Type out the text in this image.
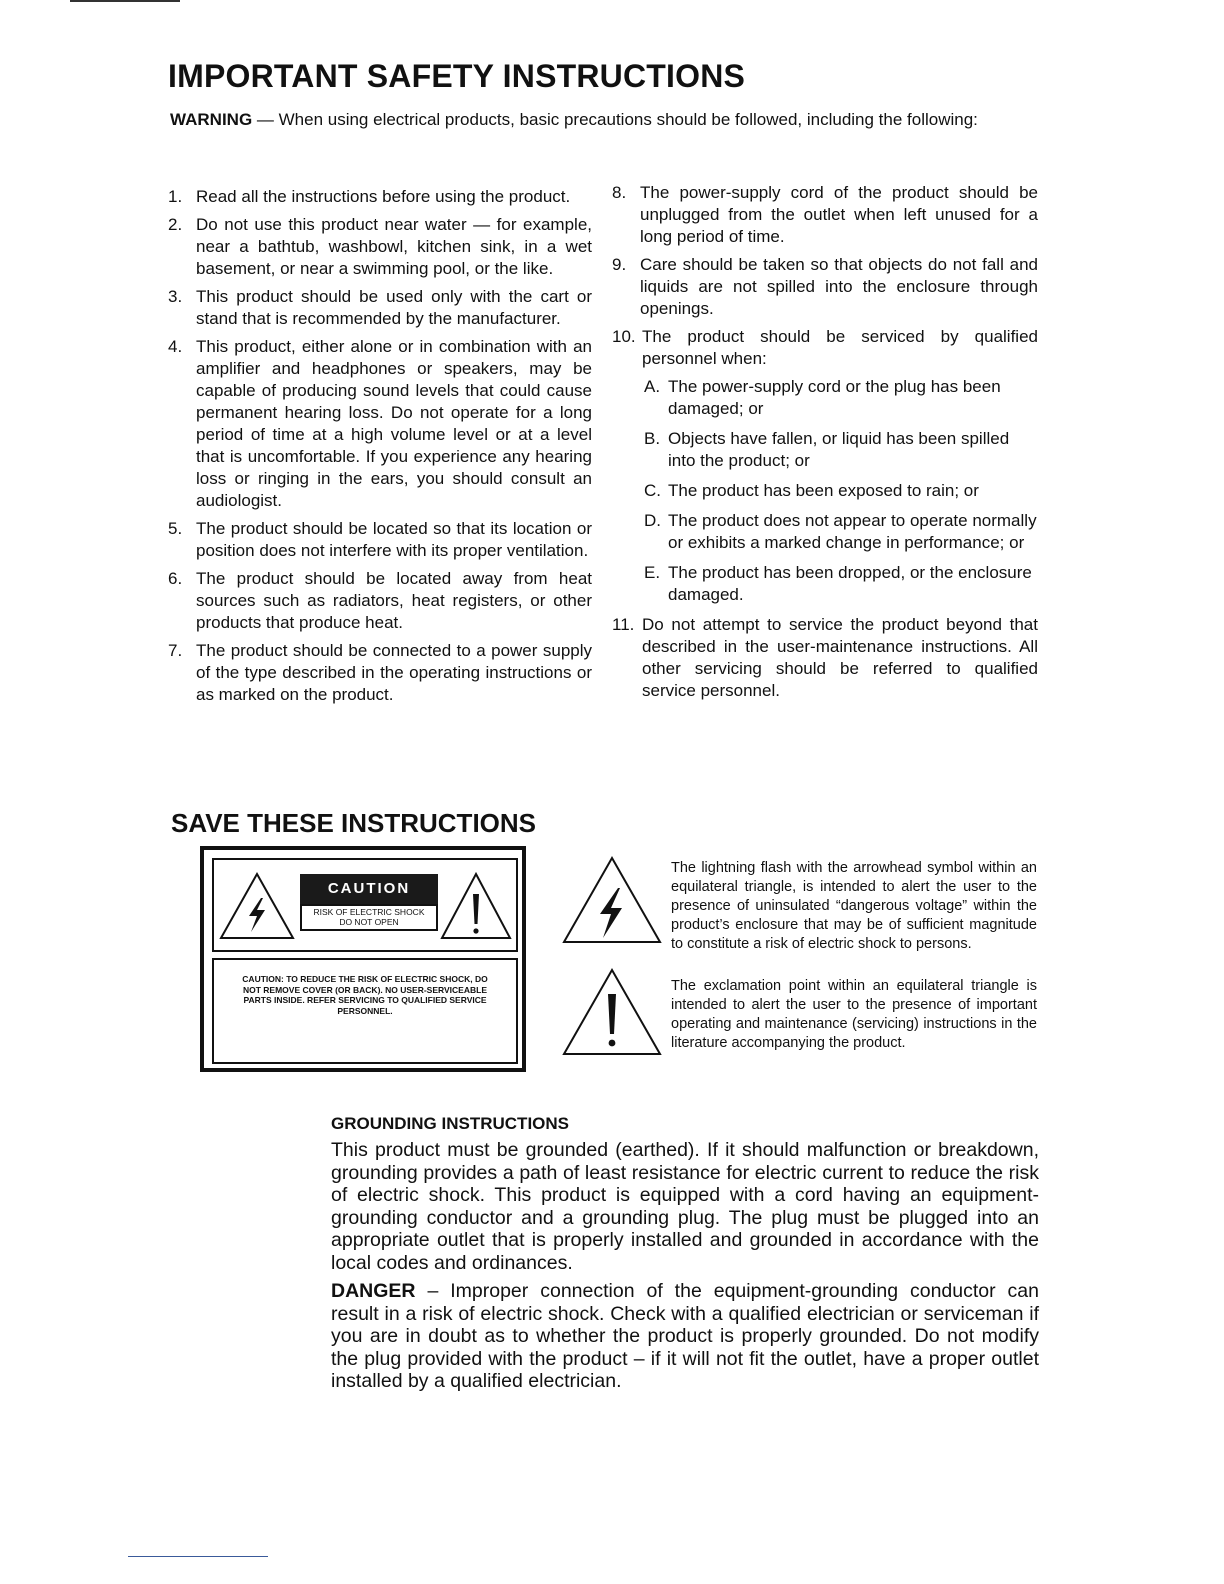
IMPORTANT SAFETY INSTRUCTIONS

WARNING — When using electrical products, basic precautions should be followed, including the following:

1. Read all the instructions before using the product.
2. Do not use this product near water — for example, near a bathtub, washbowl, kitchen sink, in a wet basement, or near a swimming pool, or the like.
3. This product should be used only with the cart or stand that is recommended by the manufacturer.
4. This product, either alone or in combination with an amplifier and headphones or speakers, may be capable of producing sound levels that could cause permanent hearing loss. Do not operate for a long period of time at a high volume level or at a level that is uncomfortable. If you experience any hearing loss or ringing in the ears, you should consult an audiologist.
5. The product should be located so that its location or position does not interfere with its proper ventilation.
6. The product should be located away from heat sources such as radiators, heat registers, or other products that produce heat.
7. The product should be connected to a power supply of the type described in the operating instructions or as marked on the product.
8. The power-supply cord of the product should be unplugged from the outlet when left unused for a long period of time.
9. Care should be taken so that objects do not fall and liquids are not spilled into the enclosure through openings.
10. The product should be serviced by qualified personnel when:
A. The power-supply cord or the plug has been damaged; or
B. Objects have fallen, or liquid has been spilled into the product; or
C. The product has been exposed to rain; or
D. The product does not appear to operate normally or exhibits a marked change in performance; or
E. The product has been dropped, or the enclosure damaged.
11. Do not attempt to service the product beyond that described in the user-maintenance instructions. All other servicing should be referred to qualified service personnel.
SAVE THESE INSTRUCTIONS
CAUTION
RISK OF ELECTRIC SHOCK
DO NOT OPEN
CAUTION: TO REDUCE THE RISK OF ELECTRIC SHOCK, DO NOT REMOVE COVER (OR BACK). NO USER-SERVICEABLE PARTS INSIDE. REFER SERVICING TO QUALIFIED SERVICE PERSONNEL.
The lightning flash with the arrowhead symbol within an equilateral triangle, is intended to alert the user to the presence of uninsulated “dangerous voltage” within the product’s enclosure that may be of sufficient magnitude to constitute a risk of electric shock to persons.
The exclamation point within an equilateral triangle is intended to alert the user to the presence of important operating and maintenance (servicing) instructions in the literature accompanying the product.
GROUNDING INSTRUCTIONS

This product must be grounded (earthed). If it should malfunction or breakdown, grounding provides a path of least resistance for electric current to reduce the risk of electric shock. This product is equipped with a cord having an equipment-grounding conductor and a grounding plug. The plug must be plugged into an appropriate outlet that is properly installed and grounded in accordance with the local codes and ordinances.

DANGER – Improper connection of the equipment-grounding conductor can result in a risk of electric shock. Check with a qualified electrician or serviceman if you are in doubt as to whether the product is properly grounded. Do not modify the plug provided with the product – if it will not fit the outlet, have a proper outlet installed by a qualified electrician.
